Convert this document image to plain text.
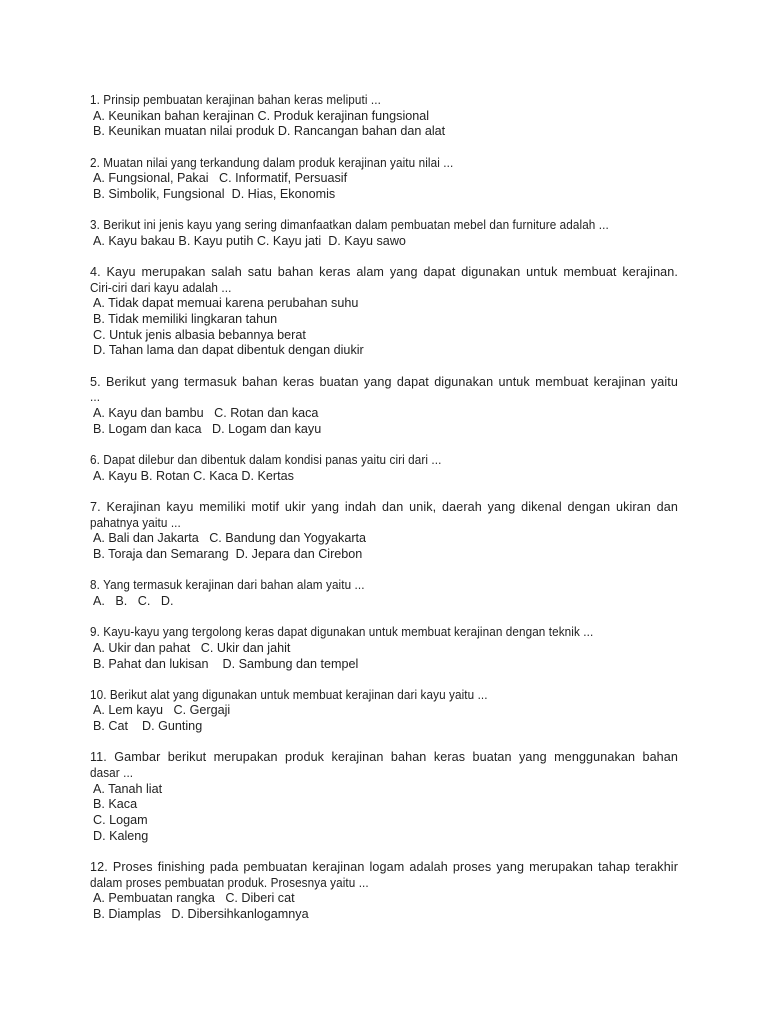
1. Prinsip pembuatan kerajinan bahan keras meliputi ...
A. Keunikan bahan kerajinan C. Produk kerajinan fungsional
B. Keunikan muatan nilai produk D. Rancangan bahan dan alat
2. Muatan nilai yang terkandung dalam produk kerajinan yaitu nilai ...
A. Fungsional, Pakai   C. Informatif, Persuasif
B. Simbolik, Fungsional  D. Hias, Ekonomis
3. Berikut ini jenis kayu yang sering dimanfaatkan dalam pembuatan mebel dan furniture adalah ...
A. Kayu bakau B. Kayu putih C. Kayu jati  D. Kayu sawo
4. Kayu merupakan salah satu bahan keras alam yang dapat digunakan untuk membuat kerajinan.
Ciri-ciri dari kayu adalah ...
A. Tidak dapat memuai karena perubahan suhu
B. Tidak memiliki lingkaran tahun
C. Untuk jenis albasia bebannya berat
D. Tahan lama dan dapat dibentuk dengan diukir
5. Berikut yang termasuk bahan keras buatan yang dapat digunakan untuk membuat kerajinan yaitu
...
A. Kayu dan bambu   C. Rotan dan kaca
B. Logam dan kaca   D. Logam dan kayu
6. Dapat dilebur dan dibentuk dalam kondisi panas yaitu ciri dari ...
A. Kayu B. Rotan C. Kaca D. Kertas
7. Kerajinan kayu memiliki motif ukir yang indah dan unik, daerah yang dikenal dengan ukiran dan
pahatnya yaitu ...
A. Bali dan Jakarta   C. Bandung dan Yogyakarta
B. Toraja dan Semarang  D. Jepara dan Cirebon
8. Yang termasuk kerajinan dari bahan alam yaitu ...
A.   B.   C.   D.
9. Kayu-kayu yang tergolong keras dapat digunakan untuk membuat kerajinan dengan teknik ...
A. Ukir dan pahat   C. Ukir dan jahit
B. Pahat dan lukisan    D. Sambung dan tempel
10. Berikut alat yang digunakan untuk membuat kerajinan dari kayu yaitu ...
A. Lem kayu   C. Gergaji
B. Cat    D. Gunting
11. Gambar berikut merupakan produk kerajinan bahan keras buatan yang menggunakan bahan
dasar ...
A. Tanah liat
B. Kaca
C. Logam
D. Kaleng
12. Proses finishing pada pembuatan kerajinan logam adalah proses yang merupakan tahap terakhir
dalam proses pembuatan produk. Prosesnya yaitu ...
A. Pembuatan rangka   C. Diberi cat
B. Diamplas   D. Dibersihkanlogamnya
